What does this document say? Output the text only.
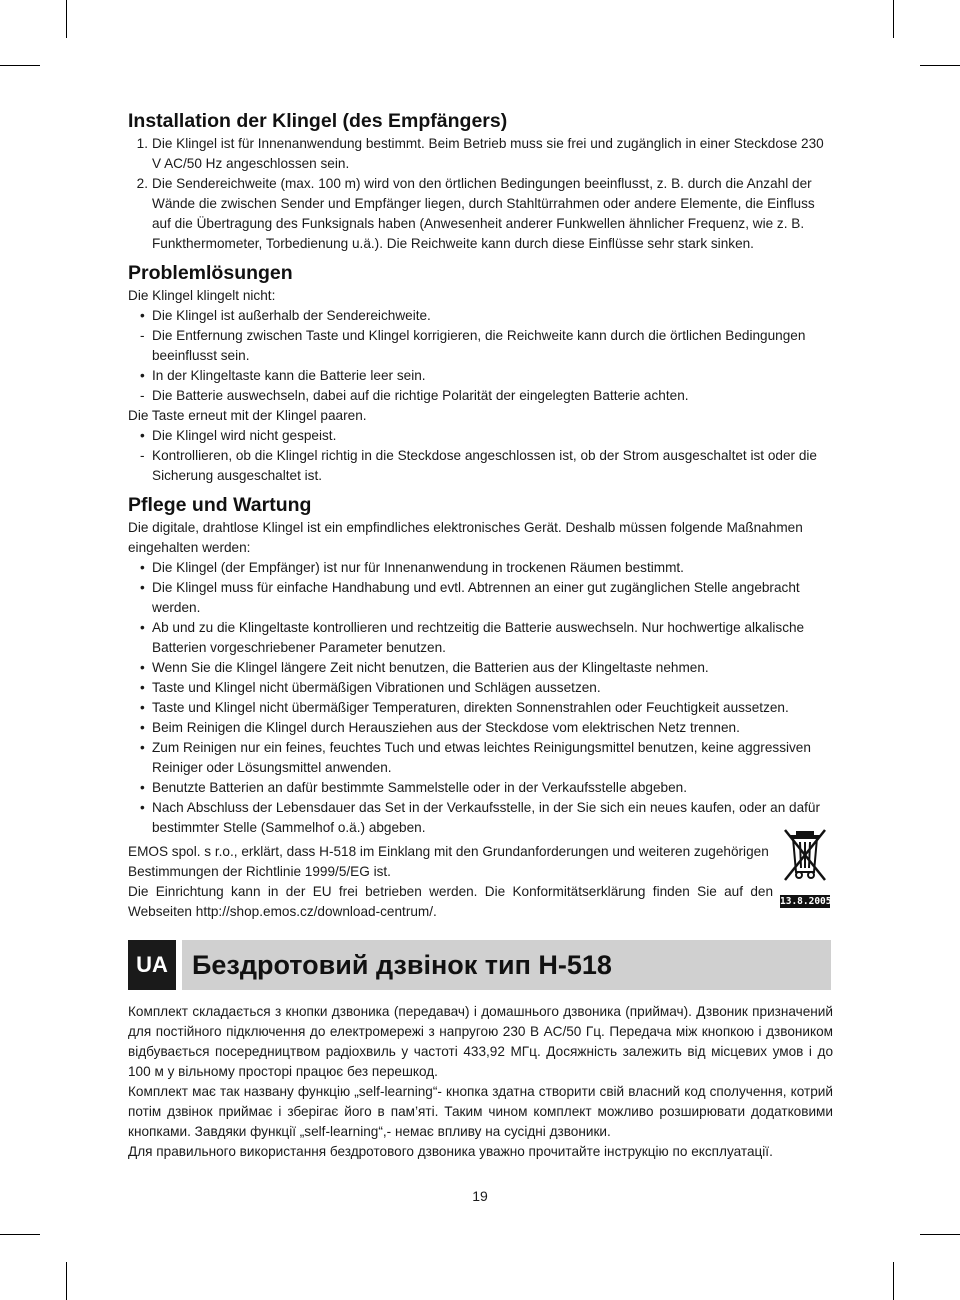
Installation der Klingel (des Empfängers)
1. Die Klingel ist für Innenanwendung bestimmt. Beim Betrieb muss sie frei und zugänglich in einer Steckdose 230 V AC/50 Hz angeschlossen sein.
2. Die Sendereichweite (max. 100 m) wird von den örtlichen Bedingungen beeinflusst, z. B. durch die Anzahl der Wände die zwischen Sender und Empfänger liegen, durch Stahltürrahmen oder andere Elemente, die Einfluss auf die Übertragung des Funksignals haben (Anwesenheit anderer Funkwellen ähnlicher Frequenz, wie z. B. Funkthermometer, Torbedienung u.ä.). Die Reichweite kann durch diese Einflüsse sehr stark sinken.
Problemlösungen
Die Klingel klingelt nicht:
• Die Klingel ist außerhalb der Sendereichweite.
- Die Entfernung zwischen Taste und Klingel korrigieren, die Reichweite kann durch die örtlichen Bedingungen beeinflusst sein.
• In der Klingeltaste kann die Batterie leer sein.
- Die Batterie auswechseln, dabei auf die richtige Polarität der eingelegten Batterie achten.
Die Taste erneut mit der Klingel paaren.
• Die Klingel wird nicht gespeist.
- Kontrollieren, ob die Klingel richtig in die Steckdose angeschlossen ist, ob der Strom ausgeschaltet ist oder die Sicherung ausgeschaltet ist.
Pflege und Wartung

Die digitale, drahtlose Klingel ist ein empfindliches elektronisches Gerät. Deshalb müssen folgende Maßnahmen eingehalten werden:

• Die Klingel (der Empfänger) ist nur für Innenanwendung in trockenen Räumen bestimmt.
• Die Klingel muss für einfache Handhabung und evtl. Abtrennen an einer gut zugänglichen Stelle angebracht werden.
• Ab und zu die Klingeltaste kontrollieren und rechtzeitig die Batterie auswechseln. Nur hochwertige alkalische Batterien vorgeschriebener Parameter benutzen.
• Wenn Sie die Klingel längere Zeit nicht benutzen, die Batterien aus der Klingeltaste nehmen.
• Taste und Klingel nicht übermäßigen Vibrationen und Schlägen aussetzen.
• Taste und Klingel nicht übermäßiger Temperaturen, direkten Sonnenstrahlen oder Feuchtigkeit aussetzen.
• Beim Reinigen die Klingel durch Herausziehen aus der Steckdose vom elektrischen Netz trennen.
• Zum Reinigen nur ein feines, feuchtes Tuch und etwas leichtes Reinigungsmittel benutzen, keine aggressiven Reiniger oder Lösungsmittel anwenden.
• Benutzte Batterien an dafür bestimmte Sammelstelle oder in der Verkaufsstelle abgeben.
• Nach Abschluss der Lebensdauer das Set in der Verkaufsstelle, in der Sie sich ein neues kaufen, oder an dafür bestimmter Stelle (Sammelhof o.ä.) abgeben.

EMOS spol. s r.o., erklärt, dass H-518 im Einklang mit den Grundanforderungen und weiteren zugehörigen Bestimmungen der Richtlinie 1999/5/EG ist.

Die Einrichtung kann in der EU frei betrieben werden. Die Konformitätserklärung finden Sie auf den Webseiten http://shop.emos.cz/download-centrum/.

UA Бездротовий дзвінок тип H-518

Комплект складається з кнопки дзвоника (передавач) і домашнього дзвоника (приймач). Дзвоник призначений для постійного підключення до електромережі з напругою 230 В AC/50 Гц. Передача між кнопкою і дзвоником відбувається посередництвом радіохвиль у частоті 433,92 МГц. Досяжність залежить від місцевих умов і до 100 м у вільному просторі працює без перешкод.

Комплект має так названу функцію „self-learning“- кнопка здатна створити свій власний код сполучення, котрий потім дзвінок приймає і зберігає його в пам’яті. Таким чином комплект можливо розширювати додатковими кнопками. Завдяки функції „self-learning“,- немає впливу на сусідні дзвоники.

Для правильного використання бездротового дзвоника уважно прочитайте інструкцію по експлуатації.

13.8.2005
19
